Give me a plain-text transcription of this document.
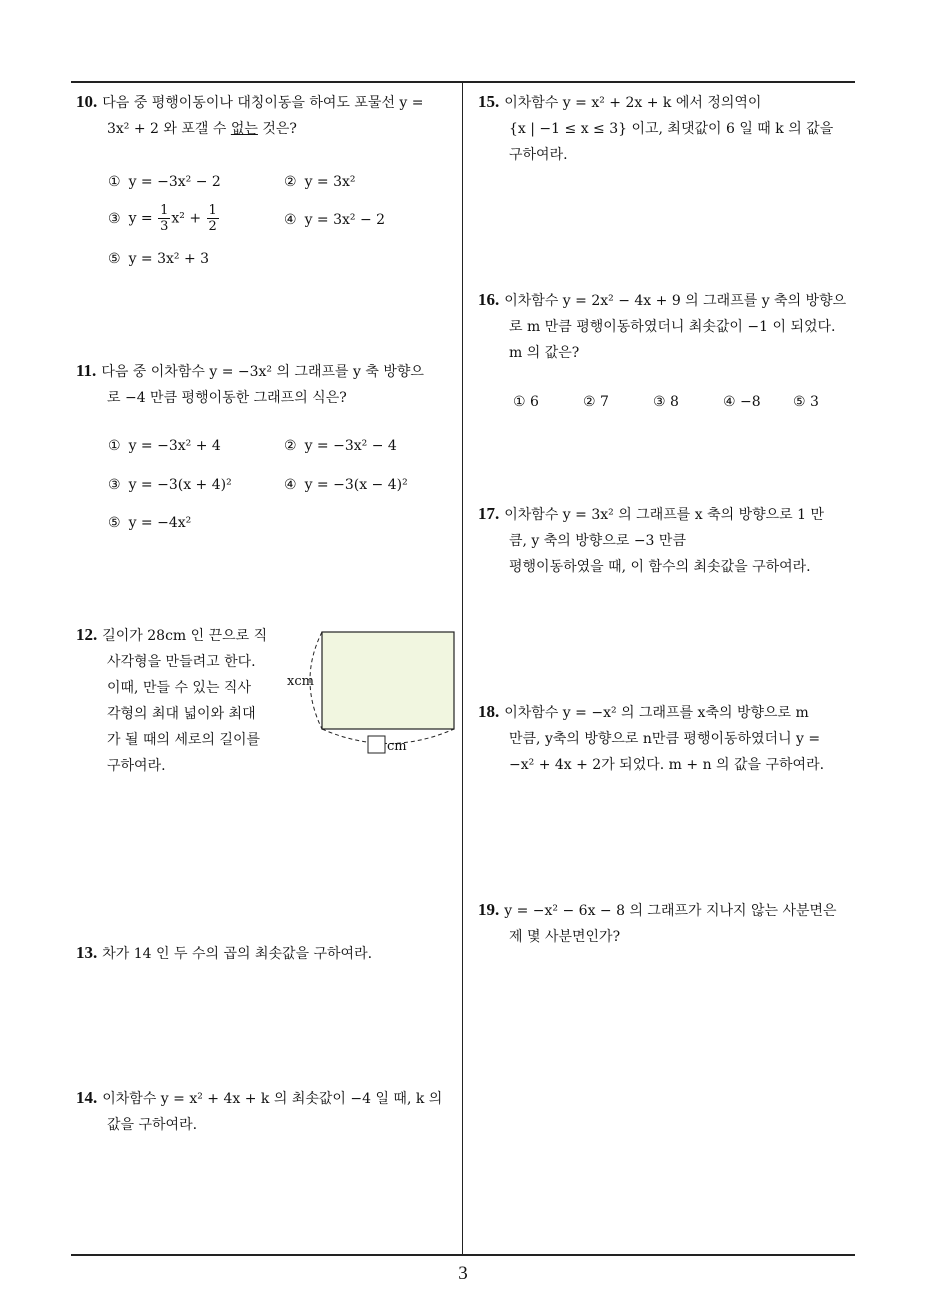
10. 다음 중 평행이동이나 대칭이동을 하여도 포물선 y =
3x² + 2 와 포갤 수 없는 것은?
① y = −3x² − 2	② y = 3x²
③ $y = \frac{1}{3} x^2 + \frac{1}{2}$	④ y = 3x² − 2
⑤ y = 3x² + 3
11. 다음 중 이차함수 y = −3x² 의 그래프를 y 축 방향으
로 −4 만큼 평행이동한 그래프의 식은?
① y = −3x² + 4	② y = −3x² − 4
③ y = −3(x + 4)²	④ y = −3(x − 4)²
⑤ y = −4x²
12. 길이가 28cm 인 끈으로 직
사각형을 만들려고 한다.
이때, 만들 수 있는 직사
각형의 최대 넓이와 최대
가 될 때의 세로의 길이를
구하여라.
xcm
cm
13. 차가 14 인 두 수의 곱의 최솟값을 구하여라.
14. 이차함수 y = x² + 4x + k 의 최솟값이 −4 일 때, k 의
값을 구하여라.
15. 이차함수 y = x² + 2x + k 에서 정의역이
{x | −1 ≤ x ≤ 3} 이고, 최댓값이 6 일 때 k 의 값을
구하여라.
16. 이차함수 y = 2x² − 4x + 9 의 그래프를 y 축의 방향으
로 m 만큼 평행이동하였더니 최솟값이 −1 이 되었다.
m 의 값은?
① 6	② 7	③ 8	④ −8 ⑤ 3
17. 이차함수 y = 3x² 의 그래프를 x 축의 방향으로 1 만
큼, y 축의 방향으로 −3 만큼
평행이동하였을 때, 이 함수의 최솟값을 구하여라.
18. 이차함수 y = −x² 의 그래프를 x축의 방향으로 m
만큼, y축의 방향으로 n만큼 평행이동하였더니 y =
−x² + 4x + 2가 되었다. m + n 의 값을 구하여라.
19. y = −x² − 6x − 8 의 그래프가 지나지 않는 사분면은
제 몇 사분면인가?
3
